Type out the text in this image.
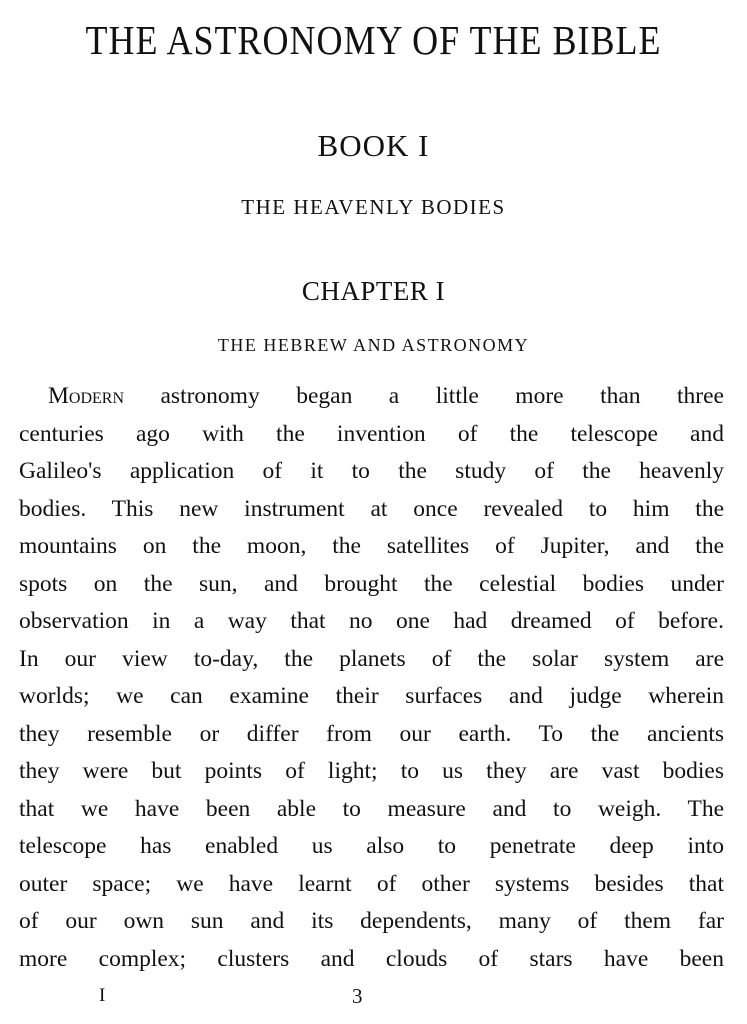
THE ASTRONOMY OF THE BIBLE
BOOK I
THE HEAVENLY BODIES
CHAPTER I
THE HEBREW AND ASTRONOMY
Modern astronomy began a little more than three
centuries ago with the invention of the telescope and
Galileo's application of it to the study of the heavenly
bodies. This new instrument at once revealed to him the
mountains on the moon, the satellites of Jupiter, and the
spots on the sun, and brought the celestial bodies under
observation in a way that no one had dreamed of before.
In our view to-day, the planets of the solar system are
worlds; we can examine their surfaces and judge wherein
they resemble or differ from our earth. To the ancients
they were but points of light; to us they are vast bodies
that we have been able to measure and to weigh. The
telescope has enabled us also to penetrate deep into
outer space; we have learnt of other systems besides that
of our own sun and its dependents, many of them far
more complex; clusters and clouds of stars have been
I	3
